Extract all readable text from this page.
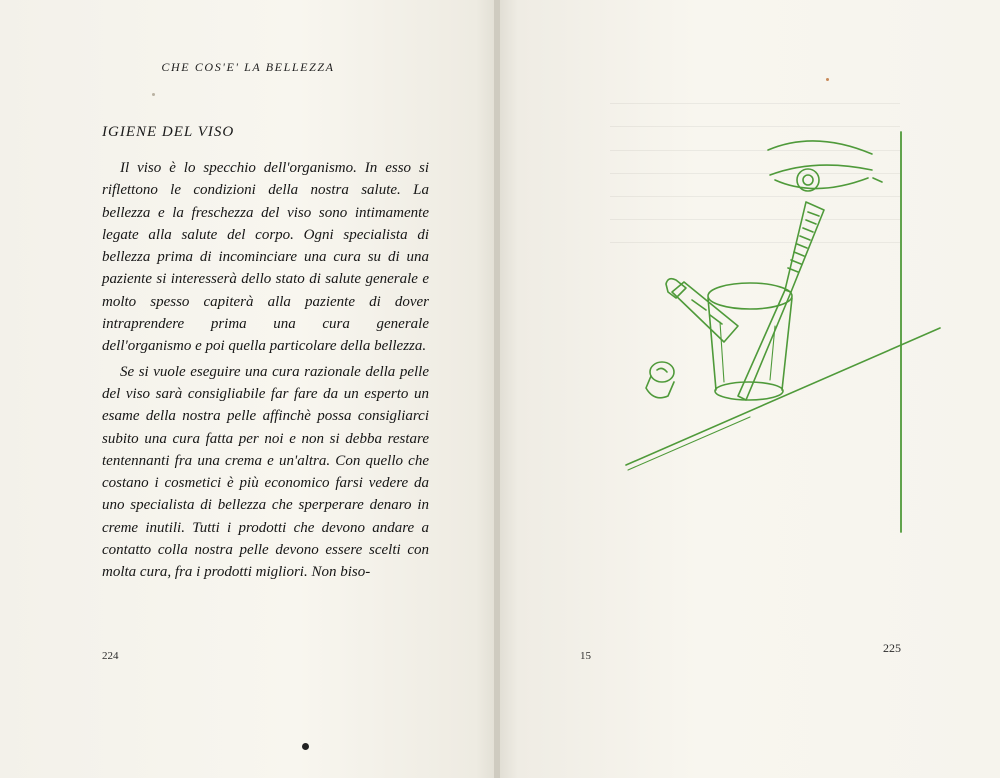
CHE COS'E' LA BELLEZZA
IGIENE DEL VISO

Il viso è lo specchio dell'organismo. In esso si riflettono le condizioni della nostra salute. La bellezza e la freschezza del viso sono intimamente legate alla salute del corpo. Ogni specialista di bellezza prima di incominciare una cura su di una paziente si interesserà dello stato di salute generale e molto spesso capiterà alla paziente di dover intraprendere prima una cura generale dell'organismo e poi quella particolare della bellezza.

Se si vuole eseguire una cura razionale della pelle del viso sarà consigliabile far fare da un esperto un esame della nostra pelle affinchè possa consigliarci subito una cura fatta per noi e non si debba restare tentennanti fra una crema e un'altra. Con quello che costano i cosmetici è più economico farsi vedere da uno specialista di bellezza che sperperare denaro in creme inutili. Tutti i prodotti che devono andare a contatto colla nostra pelle devono essere scelti con molta cura, fra i prodotti migliori. Non biso-

224	15
225
